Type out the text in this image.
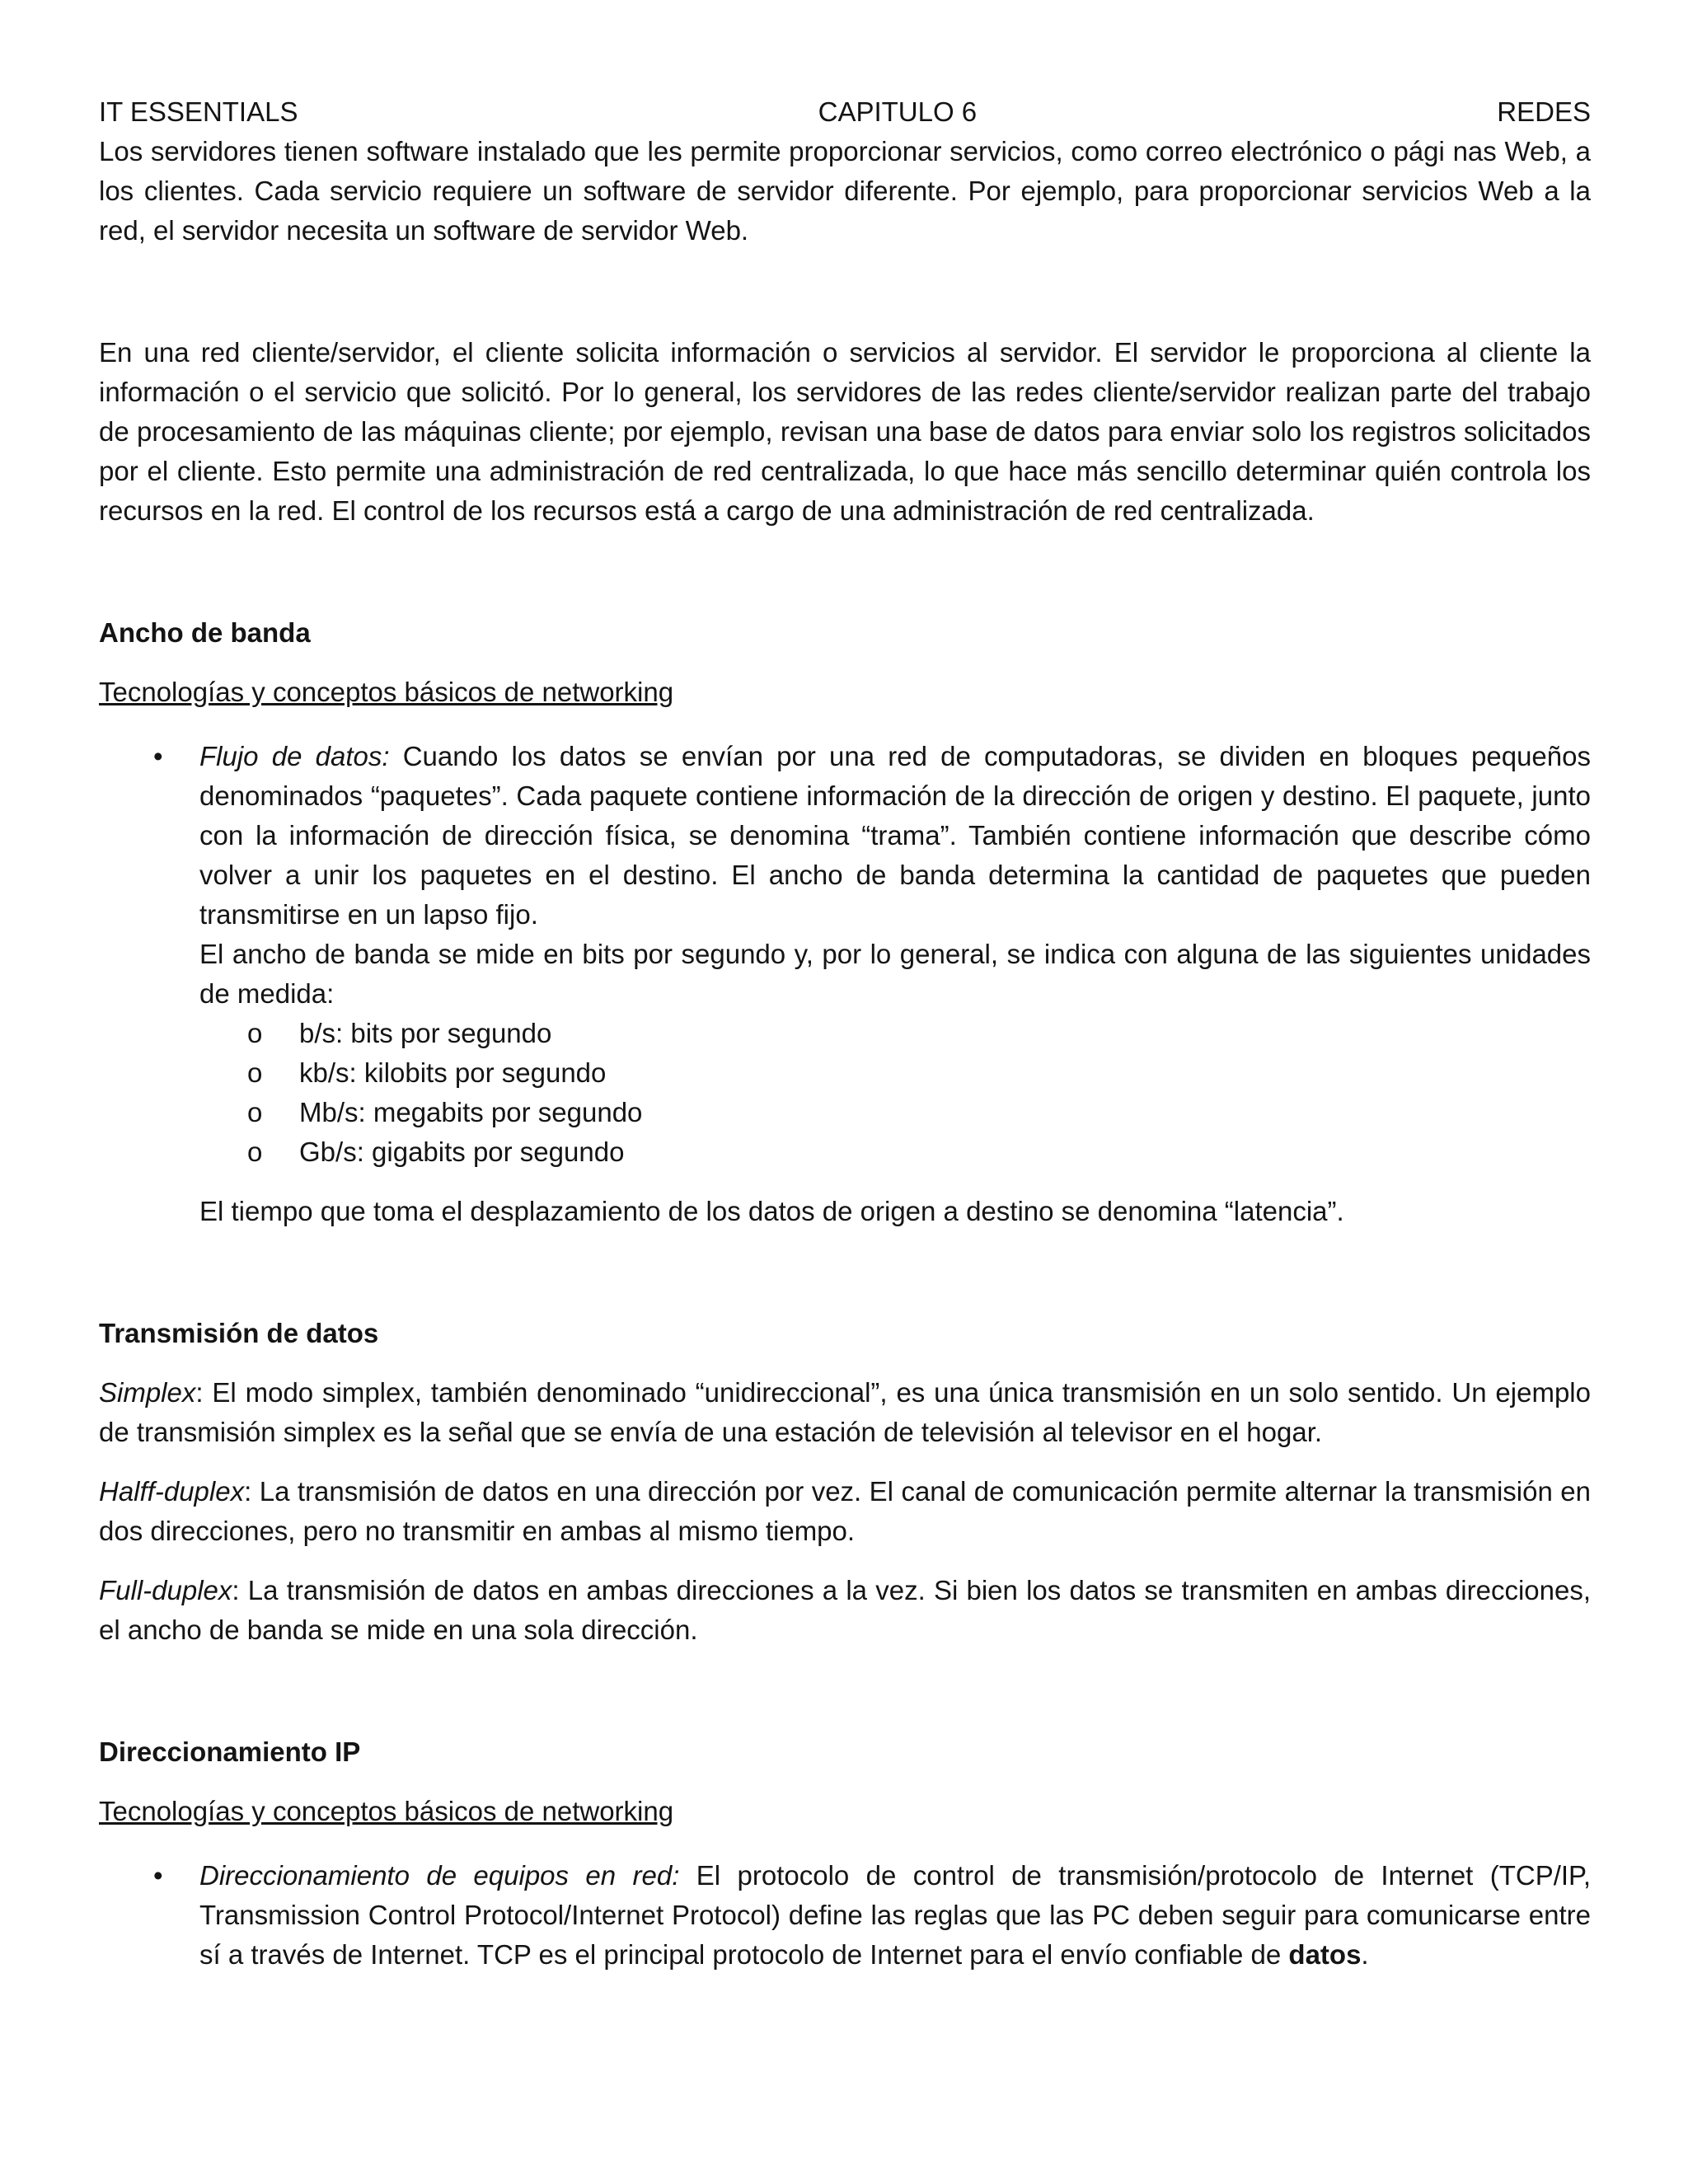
IT ESSENTIALS	CAPITULO 6	REDES

Los servidores tienen software instalado que les permite proporcionar servicios, como correo electrónico o pági nas Web, a los clientes. Cada servicio requiere un software de servidor diferente. Por ejemplo, para proporcionar servicios Web a la red, el servidor necesita un software de servidor Web.

En una red cliente/servidor, el cliente solicita información o servicios al servidor. El servidor le proporciona al cliente la información o el servicio que solicitó. Por lo general, los servidores de las redes cliente/servidor realizan parte del trabajo de procesamiento de las máquinas cliente; por ejemplo, revisan una base de datos para enviar solo los registros solicitados por el cliente. Esto permite una administración de red centralizada, lo que hace más sencillo determinar quién controla los recursos en la red. El control de los recursos está a cargo de una administración de red centralizada.

Ancho de banda
Tecnologías y conceptos básicos de networking
• Flujo de datos: Cuando los datos se envían por una red de computadoras, se dividen en bloques pequeños denominados “paquetes”. Cada paquete contiene información de la dirección de origen y destino. El paquete, junto con la información de dirección física, se denomina “trama”. También contiene información que describe cómo volver a unir los paquetes en el destino. El ancho de banda determina la cantidad de paquetes que pueden transmitirse en un lapso fijo.

El ancho de banda se mide en bits por segundo y, por lo general, se indica con alguna de las siguientes unidades de medida:

o b/s: bits por segundo
o kb/s: kilobits por segundo
o Mb/s: megabits por segundo
o Gb/s: gigabits por segundo
El tiempo que toma el desplazamiento de los datos de origen a destino se denomina “latencia”.
Transmisión de datos

Simplex: El modo simplex, también denominado “unidireccional”, es una única transmisión en un solo sentido. Un ejemplo de transmisión simplex es la señal que se envía de una estación de televisión al televisor en el hogar.

Halff-duplex: La transmisión de datos en una dirección por vez. El canal de comunicación permite alternar la transmisión en dos direcciones, pero no transmitir en ambas al mismo tiempo.

Full-duplex: La transmisión de datos en ambas direcciones a la vez. Si bien los datos se transmiten en ambas direcciones, el ancho de banda se mide en una sola dirección.

Direccionamiento IP
Tecnologías y conceptos básicos de networking
• Direccionamiento de equipos en red: El protocolo de control de transmisión/protocolo de Internet (TCP/IP, Transmission Control Protocol/Internet Protocol) define las reglas que las PC deben seguir para comunicarse entre sí a través de Internet. TCP es el principal protocolo de Internet para el envío confiable de datos.
